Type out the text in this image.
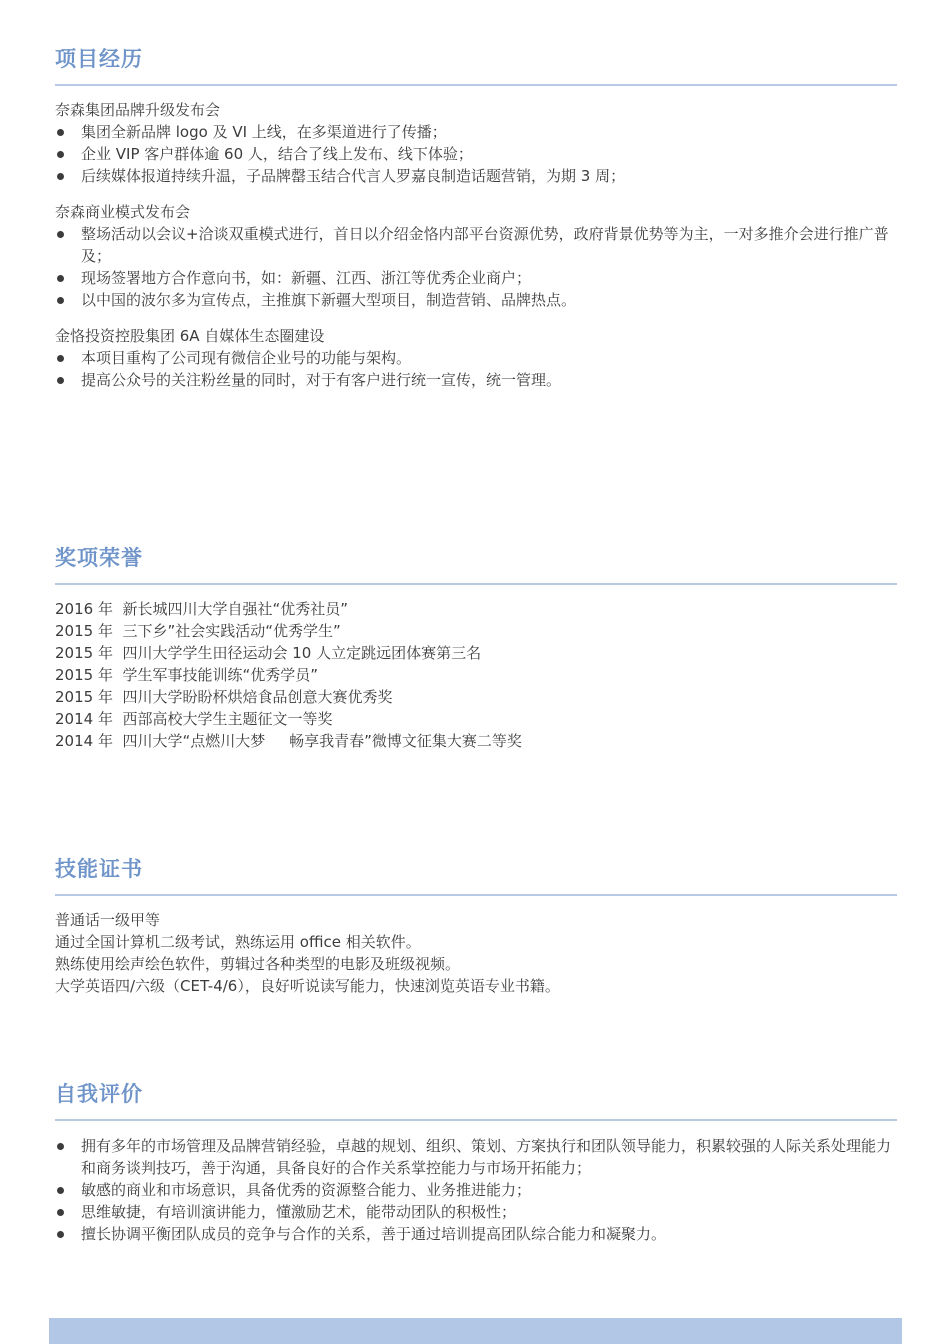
项目经历

奈森集团品牌升级发布会

集团全新品牌 logo 及 VI 上线，在多渠道进行了传播；
企业 VIP 客户群体逾 60 人，结合了线上发布、线下体验；
后续媒体报道持续升温，子品牌罄玉结合代言人罗嘉良制造话题营销，为期 3 周；

奈森商业模式发布会

整场活动以会议+洽谈双重模式进行，首日以介绍金恪内部平台资源优势，政府背景优势等为主，一对多推介会进行推广普及；
现场签署地方合作意向书，如：新疆、江西、浙江等优秀企业商户；
以中国的波尔多为宣传点，主推旗下新疆大型项目，制造营销、品牌热点。

金恪投资控股集团 6A 自媒体生态圈建设

本项目重构了公司现有微信企业号的功能与架构。
提高公众号的关注粉丝量的同时，对于有客户进行统一宣传，统一管理。
奖项荣誉
2016 年  新长城四川大学自强社“优秀社员”
2015 年  三下乡”社会实践活动“优秀学生”
2015 年  四川大学学生田径运动会 10 人立定跳远团体赛第三名
2015 年  学生军事技能训练“优秀学员”
2015 年  四川大学盼盼杯烘焙食品创意大赛优秀奖
2014 年  西部高校大学生主题征文一等奖
2014 年  四川大学“点燃川大梦     畅享我青春”微博文征集大赛二等奖
技能证书
普通话一级甲等
通过全国计算机二级考试，熟练运用 office 相关软件。
熟练使用绘声绘色软件，剪辑过各种类型的电影及班级视频。
大学英语四/六级（CET-4/6），良好听说读写能力，快速浏览英语专业书籍。
自我评价
拥有多年的市场管理及品牌营销经验，卓越的规划、组织、策划、方案执行和团队领导能力，积累较强的人际关系处理能力和商务谈判技巧，善于沟通，具备良好的合作关系掌控能力与市场开拓能力；
敏感的商业和市场意识，具备优秀的资源整合能力、业务推进能力；
思维敏捷，有培训演讲能力，懂激励艺术，能带动团队的积极性；
擅长协调平衡团队成员的竞争与合作的关系，善于通过培训提高团队综合能力和凝聚力。
